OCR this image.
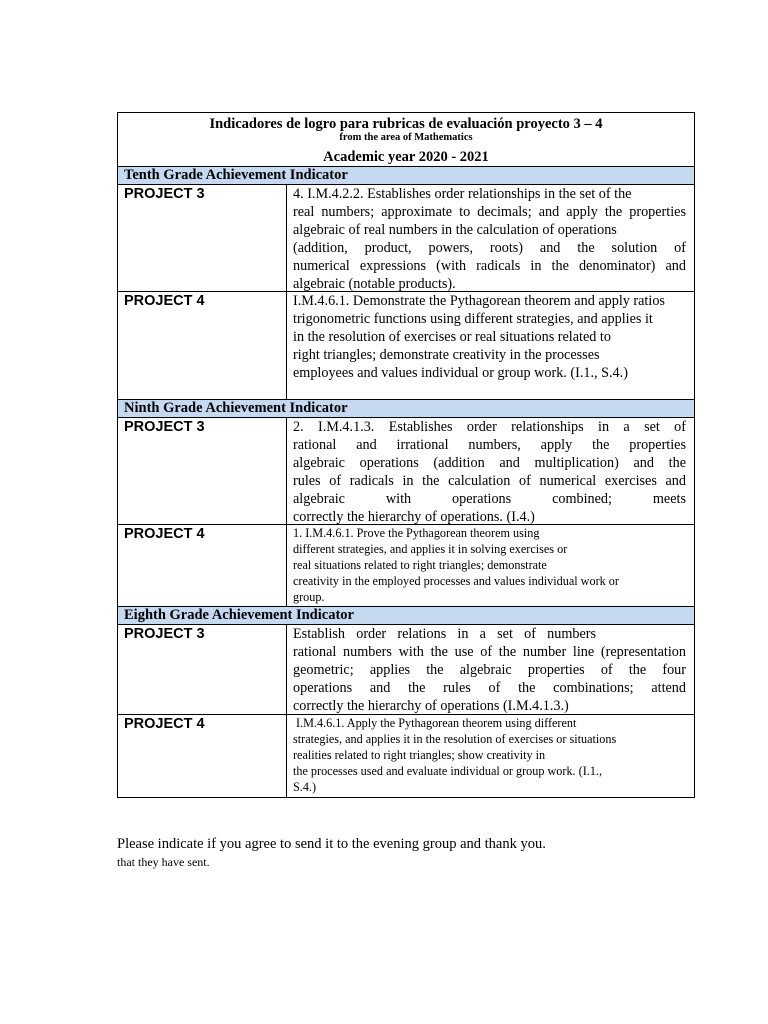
Indicadores de logro para rubricas de evaluación proyecto 3 – 4
from the area of Mathematics
Academic year 2020 - 2021
Tenth Grade Achievement Indicator
PROJECT 3	4. I.M.4.2.2. Establishes order relationships in the set of the
real numbers; approximate to decimals; and apply the properties
algebraic of real numbers in the calculation of operations
(addition, product, powers, roots) and the solution of
numerical expressions (with radicals in the denominator) and
algebraic (notable products).
PROJECT 4	I.M.4.6.1. Demonstrate the Pythagorean theorem and apply ratios
trigonometric functions using different strategies, and applies it
in the resolution of exercises or real situations related to
right triangles; demonstrate creativity in the processes
employees and values individual or group work. (I.1., S.4.)
Ninth Grade Achievement Indicator
PROJECT 3	2. I.M.4.1.3. Establishes order relationships in a set of
rational and irrational numbers, apply the properties
algebraic operations (addition and multiplication) and the
rules of radicals in the calculation of numerical exercises and
algebraic with operations combined; meets
correctly the hierarchy of operations. (I.4.)
PROJECT 4	1. I.M.4.6.1. Prove the Pythagorean theorem using
different strategies, and applies it in solving exercises or
real situations related to right triangles; demonstrate
creativity in the employed processes and values individual work or
group.
Eighth Grade Achievement Indicator
PROJECT 3	Establish order relations in a set of numbers
rational numbers with the use of the number line (representation
geometric; applies the algebraic properties of the four
operations and the rules of the combinations; attend
correctly the hierarchy of operations (I.M.4.1.3.)
PROJECT 4	I.M.4.6.1. Apply the Pythagorean theorem using different
strategies, and applies it in the resolution of exercises or situations
realities related to right triangles; show creativity in
the processes used and evaluate individual or group work. (I.1.,
S.4.)
Please indicate if you agree to send it to the evening group and thank you.
that they have sent.
